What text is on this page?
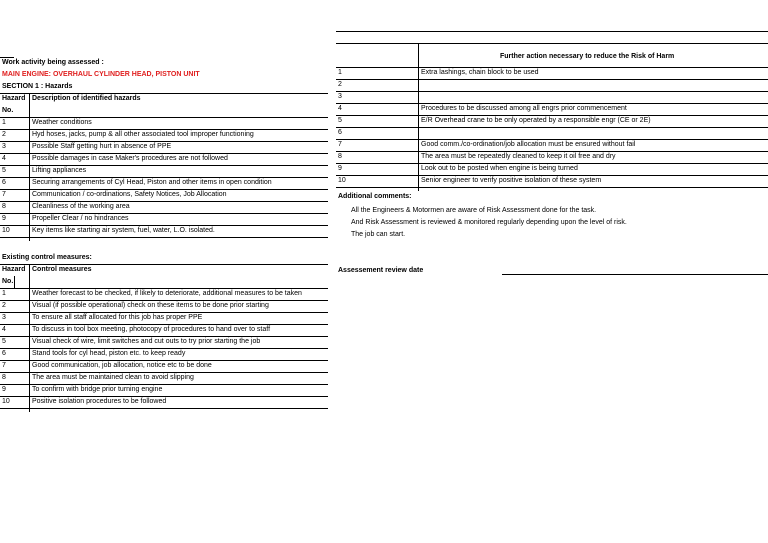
Work activity being assessed :
MAIN ENGINE: OVERHAUL CYLINDER HEAD, PISTON UNIT
SECTION 1 : Hazards
Hazard
No.
Description of identified hazards
1	Weather conditions
2	Hyd hoses, jacks, pump & all other associated tool improper functioning
3	Possible Staff getting hurt in absence of PPE
4	Possible damages in case Maker's procedures are not followed
5	Lifting appliances
6	Securing arrangements of Cyl Head, Piston and other items in open condition
7	Communication / co-ordinations, Safety Notices, Job Allocation
8	Cleanliness of the working area
9	Propeller Clear / no hindrances
10	Key items like starting air system, fuel, water, L.O. isolated.
Existing control measures:
Hazard
No.
Control measures
1	Weather forecast to be checked, if likely to deteriorate, additional measures to be taken
2	Visual (if possible operational) check on these items to be done prior starting
3	To ensure all staff allocated for this job has proper PPE
4	To discuss in tool box meeting, photocopy of procedures to hand over to staff
5	Visual check of wire, limit switches and cut outs to try prior starting the job
6	Stand tools for cyl head, piston etc. to keep ready
7	Good communication, job allocation, notice etc to be done
8	The area must be maintained clean to avoid slipping
9	To confirm with bridge prior turning engine
10	Positive isolation procedures to be followed
Further action necessary to reduce the Risk of Harm
1	Extra lashings, chain block to be used
2
3
4	Procedures to be discussed among all engrs prior commencement
5	E/R Overhead crane to be only operated by a responsible engr (CE or 2E)
6
7	Good comm./co-ordination/job allocation must be ensured without fail
8	The area must be repeatedly cleaned to keep it oil free and dry
9	Look out to be posted when engine is being turned
10	Senior engineer to verify positive isolation of these system
Additional comments:
All the Engineers & Motormen are aware of Risk Assessment done for the task.
And Risk Assessment is reviewed & monitored regularly depending upon the level of risk.
The job can start.
Assessement review date
